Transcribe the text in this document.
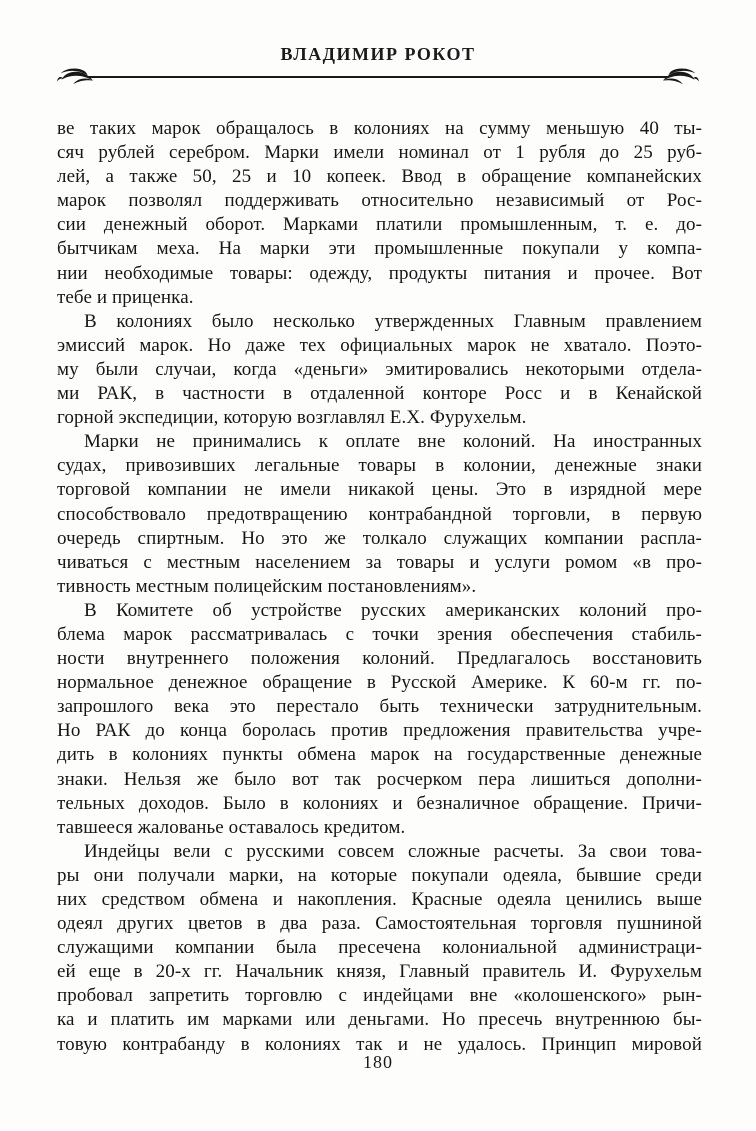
ВЛАДИМИР РОКОТ
ве таких марок обращалось в колониях на сумму меньшую 40 ты-
сяч рублей серебром. Марки имели номинал от 1 рубля до 25 руб-
лей, а также 50, 25 и 10 копеек. Ввод в обращение компанейских
марок позволял поддерживать относительно независимый от Рос-
сии денежный оборот. Марками платили промышленным, т. е. до-
бытчикам меха. На марки эти промышленные покупали у компа-
нии необходимые товары: одежду, продукты питания и прочее. Вот
тебе и приценка.
В колониях было несколько утвержденных Главным правлением
эмиссий марок. Но даже тех официальных марок не хватало. Поэто-
му были случаи, когда «деньги» эмитировались некоторыми отдела-
ми РАК, в частности в отдаленной конторе Росс и в Кенайской
горной экспедиции, которую возглавлял Е.Х. Фурухельм.
Марки не принимались к оплате вне колоний. На иностранных
судах, привозивших легальные товары в колонии, денежные знаки
торговой компании не имели никакой цены. Это в изрядной мере
способствовало предотвращению контрабандной торговли, в первую
очередь спиртным. Но это же толкало служащих компании распла-
чиваться с местным населением за товары и услуги ромом «в про-
тивность местным полицейским постановлениям».
В Комитете об устройстве русских американских колоний про-
блема марок рассматривалась с точки зрения обеспечения стабиль-
ности внутреннего положения колоний. Предлагалось восстановить
нормальное денежное обращение в Русской Америке. К 60-м гг. по-
запрошлого века это перестало быть технически затруднительным.
Но РАК до конца боролась против предложения правительства учре-
дить в колониях пункты обмена марок на государственные денежные
знаки. Нельзя же было вот так росчерком пера лишиться дополни-
тельных доходов. Было в колониях и безналичное обращение. Причи-
тавшееся жалованье оставалось кредитом.
Индейцы вели с русскими совсем сложные расчеты. За свои това-
ры они получали марки, на которые покупали одеяла, бывшие среди
них средством обмена и накопления. Красные одеяла ценились выше
одеял других цветов в два раза. Самостоятельная торговля пушниной
служащими компании была пресечена колониальной администраци-
ей еще в 20-х гг. Начальник князя, Главный правитель И. Фурухельм
пробовал запретить торговлю с индейцами вне «колошенского» рын-
ка и платить им марками или деньгами. Но пресечь внутреннюю бы-
товую контрабанду в колониях так и не удалось. Принцип мировой
180
